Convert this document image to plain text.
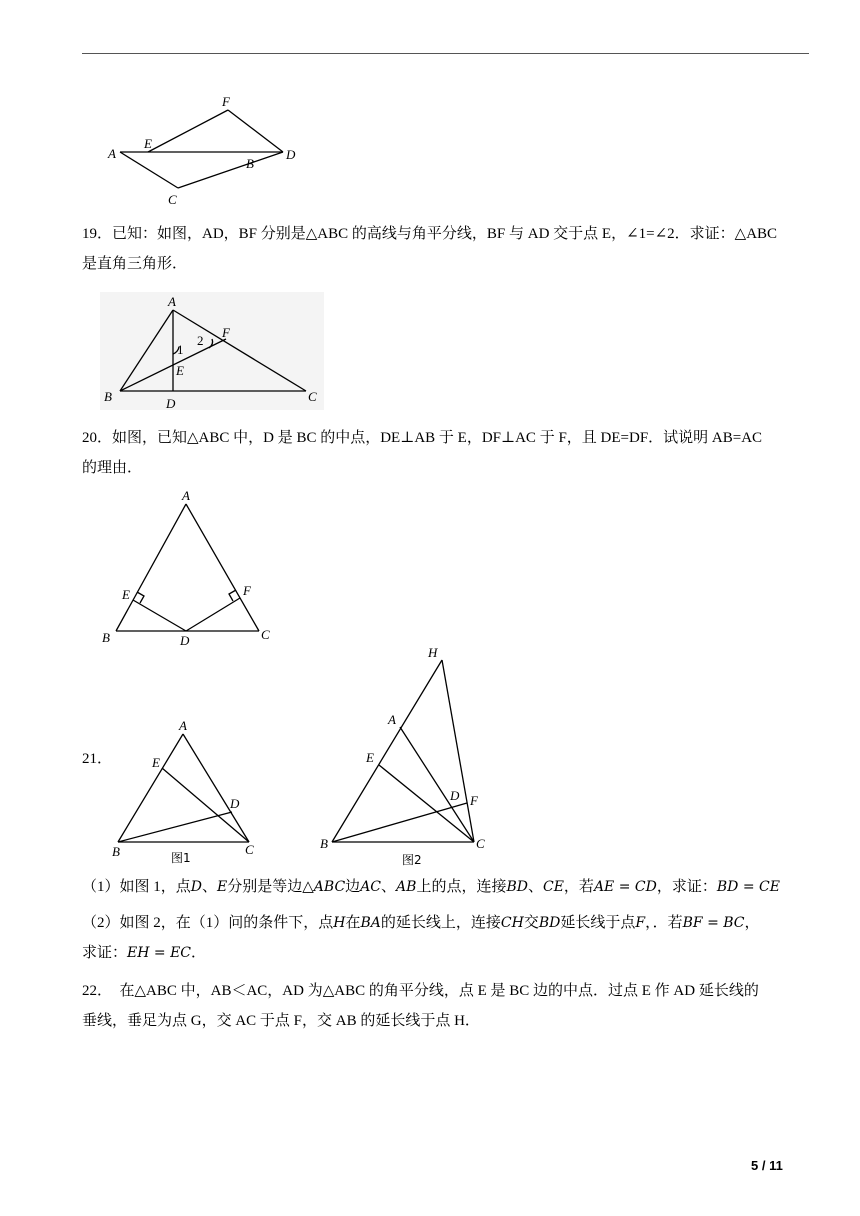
A
E
F
B
D
C
19．已知：如图，AD，BF 分别是△ABC 的高线与角平分线，BF 与 AD 交于点 E，∠1=∠2．求证：△ABC
是直角三角形．
A
B	C
D
E
F
1
2
20．如图，已知△ABC 中，D 是 BC 的中点，DE⊥AB 于 E，DF⊥AC 于 F，且 DE=DF．试说明 AB=AC
的理由．
A
B	C
D
E	F
21．
A
B	C
D
E
图1
H
A
B	C
D
E
F
图2
（1）如图 1，点D、E分别是等边△ABC边AC、AB上的点，连接BD、CE，若AE = CD，求证：BD = CE
（2）如图 2，在（1）问的条件下，点H在BA的延长线上，连接CH交BD延长线于点F，．若BF = BC，
求证：EH = EC．
22．　在△ABC 中，AB＜AC，AD 为△ABC 的角平分线，点 E 是 BC 边的中点．过点 E 作 AD 延长线的
垂线，垂足为点 G，交 AC 于点 F，交 AB 的延长线于点 H．
5 / 11
